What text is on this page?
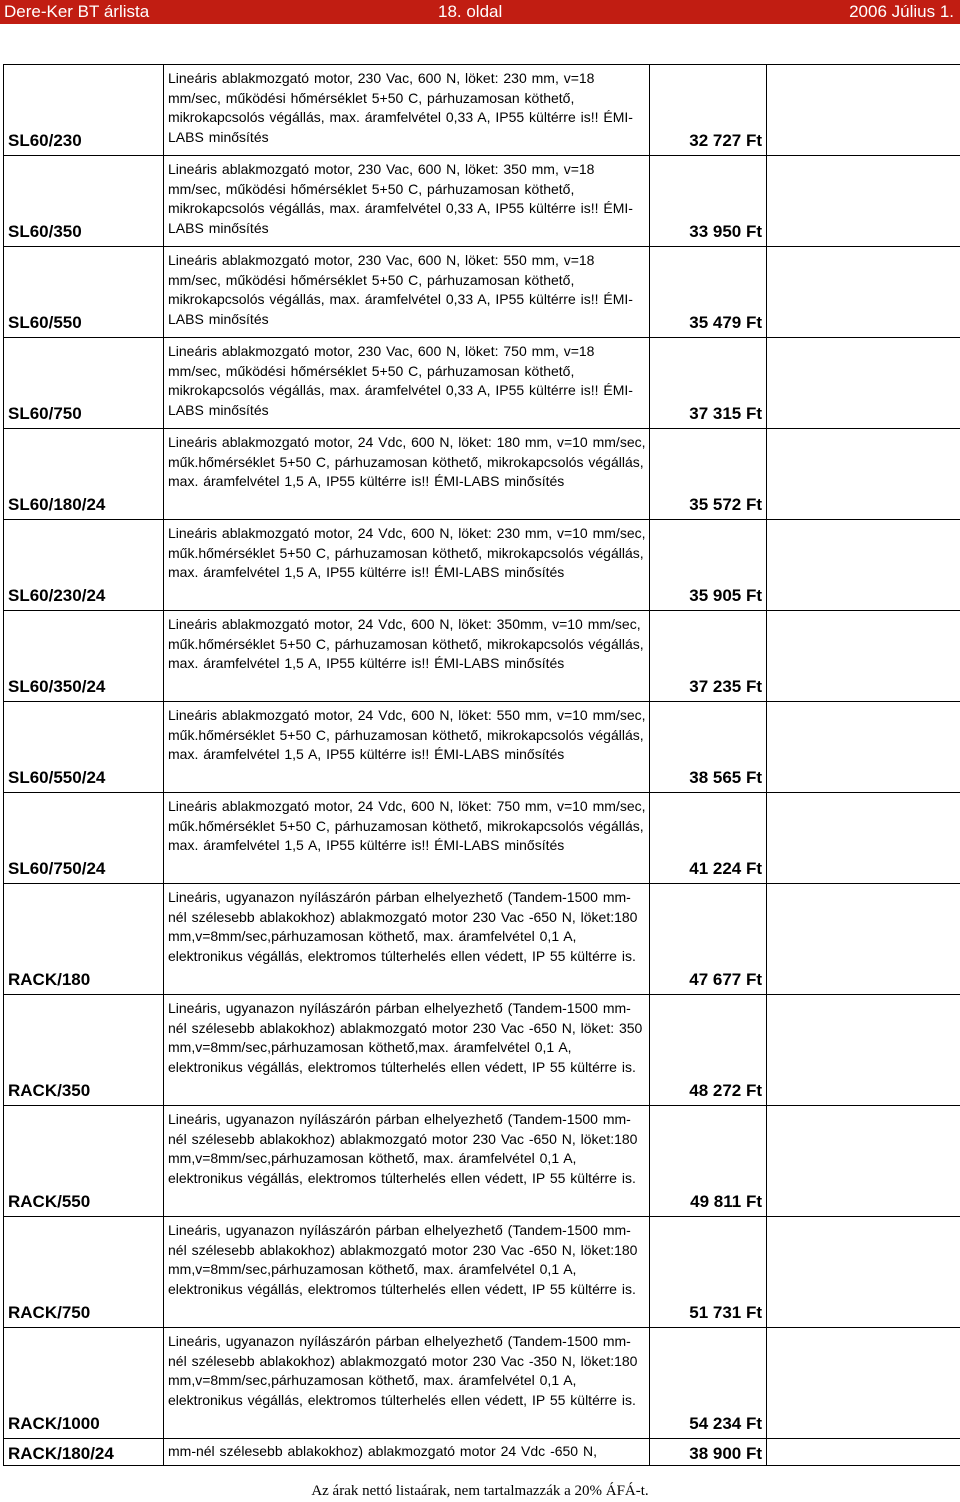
Dere-Ker BT árlista	18. oldal	2006 Július 1.
SL60/230	Lineáris ablakmozgató motor, 230 Vac, 600 N, löket: 230 mm, v=18 mm/sec, működési hőmérséklet 5+50 C, párhuzamosan köthető, mikrokapcsolós végállás, max. áramfelvétel 0,33 A, IP55 kültérre is!! ÉMI-LABS minősítés	32 727 Ft	
SL60/350	Lineáris ablakmozgató motor, 230 Vac, 600 N, löket: 350 mm, v=18 mm/sec, működési hőmérséklet 5+50 C, párhuzamosan köthető, mikrokapcsolós végállás, max. áramfelvétel 0,33 A, IP55 kültérre is!! ÉMI-LABS minősítés	33 950 Ft	
SL60/550	Lineáris ablakmozgató motor, 230 Vac, 600 N, löket: 550 mm, v=18 mm/sec, működési hőmérséklet 5+50 C, párhuzamosan köthető, mikrokapcsolós végállás, max. áramfelvétel 0,33 A, IP55 kültérre is!! ÉMI-LABS minősítés	35 479 Ft	
SL60/750	Lineáris ablakmozgató motor, 230 Vac, 600 N, löket: 750 mm, v=18 mm/sec, működési hőmérséklet 5+50 C, párhuzamosan köthető, mikrokapcsolós végállás, max. áramfelvétel 0,33 A, IP55 kültérre is!! ÉMI-LABS minősítés	37 315 Ft	
SL60/180/24	Lineáris ablakmozgató motor, 24 Vdc, 600 N, löket: 180 mm, v=10 mm/sec, műk.hőmérséklet 5+50 C, párhuzamosan köthető, mikrokapcsolós végállás, max. áramfelvétel 1,5 A, IP55 kültérre is!! ÉMI-LABS minősítés	35 572 Ft	
SL60/230/24	Lineáris ablakmozgató motor, 24 Vdc, 600 N, löket: 230 mm, v=10 mm/sec, műk.hőmérséklet 5+50 C, párhuzamosan köthető, mikrokapcsolós végállás, max. áramfelvétel 1,5 A, IP55 kültérre is!! ÉMI-LABS minősítés	35 905 Ft	
SL60/350/24	Lineáris ablakmozgató motor, 24 Vdc, 600 N, löket: 350mm, v=10 mm/sec, műk.hőmérséklet 5+50 C, párhuzamosan köthető, mikrokapcsolós végállás, max. áramfelvétel 1,5 A, IP55 kültérre is!! ÉMI-LABS minősítés	37 235 Ft	
SL60/550/24	Lineáris ablakmozgató motor, 24 Vdc, 600 N, löket: 550 mm, v=10 mm/sec, műk.hőmérséklet 5+50 C, párhuzamosan köthető, mikrokapcsolós végállás, max. áramfelvétel 1,5 A, IP55 kültérre is!! ÉMI-LABS minősítés	38 565 Ft	
SL60/750/24	Lineáris ablakmozgató motor, 24 Vdc, 600 N, löket: 750 mm, v=10 mm/sec, műk.hőmérséklet 5+50 C, párhuzamosan köthető, mikrokapcsolós végállás, max. áramfelvétel 1,5 A, IP55 kültérre is!! ÉMI-LABS minősítés	41 224 Ft	
RACK/180	Lineáris, ugyanazon nyílászárón párban elhelyezhető (Tandem-1500 mm-nél szélesebb ablakokhoz) ablakmozgató motor 230 Vac -650 N, löket:180 mm,v=8mm/sec,párhuzamosan köthető, max. áramfelvétel 0,1 A, elektronikus végállás, elektromos túlterhelés ellen védett, IP 55 kültérre is.	47 677 Ft	
RACK/350	Lineáris, ugyanazon nyílászárón párban elhelyezhető (Tandem-1500 mm-nél szélesebb ablakokhoz) ablakmozgató motor 230 Vac -650 N, löket: 350 mm,v=8mm/sec,párhuzamosan köthető,max. áramfelvétel 0,1 A, elektronikus végállás, elektromos túlterhelés ellen védett, IP 55 kültérre is.	48 272 Ft	
RACK/550	Lineáris, ugyanazon nyílászárón párban elhelyezhető (Tandem-1500 mm-nél szélesebb ablakokhoz) ablakmozgató motor 230 Vac -650 N, löket:180 mm,v=8mm/sec,párhuzamosan köthető, max. áramfelvétel 0,1 A, elektronikus végállás, elektromos túlterhelés ellen védett, IP 55 kültérre is.	49 811 Ft	
RACK/750	Lineáris, ugyanazon nyílászárón párban elhelyezhető (Tandem-1500 mm-nél szélesebb ablakokhoz) ablakmozgató motor 230 Vac -650 N, löket:180 mm,v=8mm/sec,párhuzamosan köthető, max. áramfelvétel 0,1 A, elektronikus végállás, elektromos túlterhelés ellen védett, IP 55 kültérre is.	51 731 Ft	
RACK/1000	Lineáris, ugyanazon nyílászárón párban elhelyezhető (Tandem-1500 mm-nél szélesebb ablakokhoz) ablakmozgató motor 230 Vac -350 N, löket:180 mm,v=8mm/sec,párhuzamosan köthető, max. áramfelvétel 0,1 A, elektronikus végállás, elektromos túlterhelés ellen védett, IP 55 kültérre is.	54 234 Ft	
RACK/180/24	mm-nél szélesebb ablakokhoz) ablakmozgató motor 24 Vdc -650 N,	38 900 Ft	
Az árak nettó listaárak, nem tartalmazzák a 20% ÁFÁ-t.
